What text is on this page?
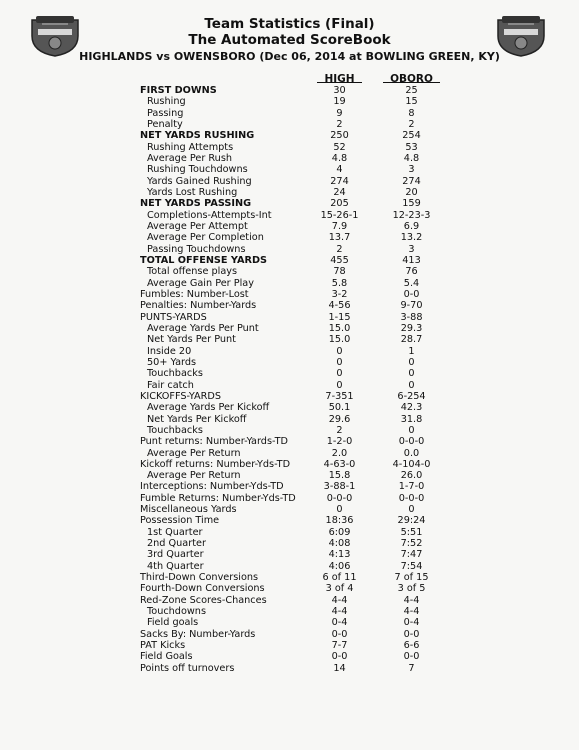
Team Statistics (Final)
The Automated ScoreBook
HIGHLANDS vs OWENSBORO (Dec 06, 2014 at BOWLING GREEN, KY)
HIGH	OBORO
FIRST DOWNS	30	25
Rushing	19	15
Passing	9	8
Penalty	2	2
NET YARDS RUSHING	250	254
Rushing Attempts	52	53
Average Per Rush	4.8	4.8
Rushing Touchdowns	4	3
Yards Gained Rushing	274	274
Yards Lost Rushing	24	20
NET YARDS PASSING	205	159
Completions-Attempts-Int	15-26-1	12-23-3
Average Per Attempt	7.9	6.9
Average Per Completion	13.7	13.2
Passing Touchdowns	2	3
TOTAL OFFENSE YARDS	455	413
Total offense plays	78	76
Average Gain Per Play	5.8	5.4
Fumbles: Number-Lost	3-2	0-0
Penalties: Number-Yards	4-56	9-70
PUNTS-YARDS	1-15	3-88
Average Yards Per Punt	15.0	29.3
Net Yards Per Punt	15.0	28.7
Inside 20	0	1
50+ Yards	0	0
Touchbacks	0	0
Fair catch	0	0
KICKOFFS-YARDS	7-351	6-254
Average Yards Per Kickoff	50.1	42.3
Net Yards Per Kickoff	29.6	31.8
Touchbacks	2	0
Punt returns: Number-Yards-TD	1-2-0	0-0-0
Average Per Return	2.0	0.0
Kickoff returns: Number-Yds-TD	4-63-0	4-104-0
Average Per Return	15.8	26.0
Interceptions: Number-Yds-TD	3-88-1	1-7-0
Fumble Returns: Number-Yds-TD	0-0-0	0-0-0
Miscellaneous Yards	0	0
Possession Time	18:36	29:24
1st Quarter	6:09	5:51
2nd Quarter	4:08	7:52
3rd Quarter	4:13	7:47
4th Quarter	4:06	7:54
Third-Down Conversions	6 of 11	7 of 15
Fourth-Down Conversions	3 of 4	3 of 5
Red-Zone Scores-Chances	4-4	4-4
Touchdowns	4-4	4-4
Field goals	0-4	0-4
Sacks By: Number-Yards	0-0	0-0
PAT Kicks	7-7	6-6
Field Goals	0-0	0-0
Points off turnovers	14	7
